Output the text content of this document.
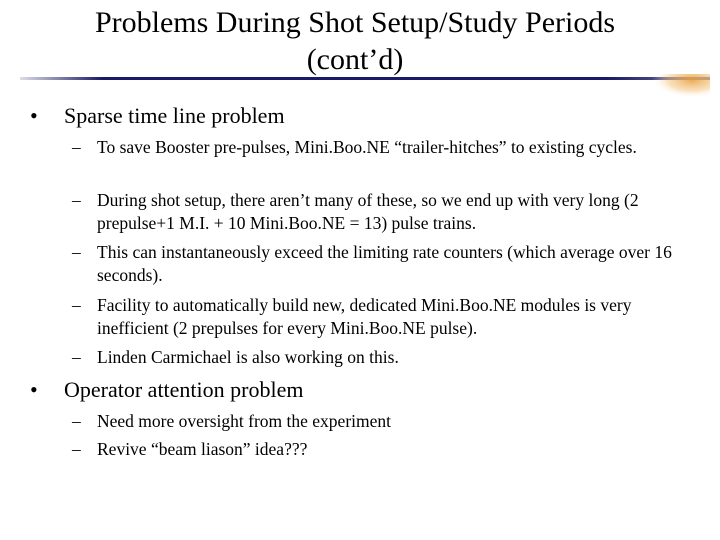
Problems During Shot Setup/Study Periods
(cont’d)
• Sparse time line problem
– To save Booster pre-pulses, Mini.Boo.NE “trailer-hitches” to existing cycles.
– During shot setup, there aren’t many of these, so we end up with very long (2 prepulse+1 M.I. + 10 Mini.Boo.NE = 13) pulse trains.
– This can instantaneously exceed the limiting rate counters (which average over 16 seconds).
– Facility to automatically build new, dedicated Mini.Boo.NE modules is very inefficient (2 prepulses for every Mini.Boo.NE pulse).
– Linden Carmichael is also working on this.
• Operator attention problem
– Need more oversight from the experiment
– Revive “beam liason” idea???
